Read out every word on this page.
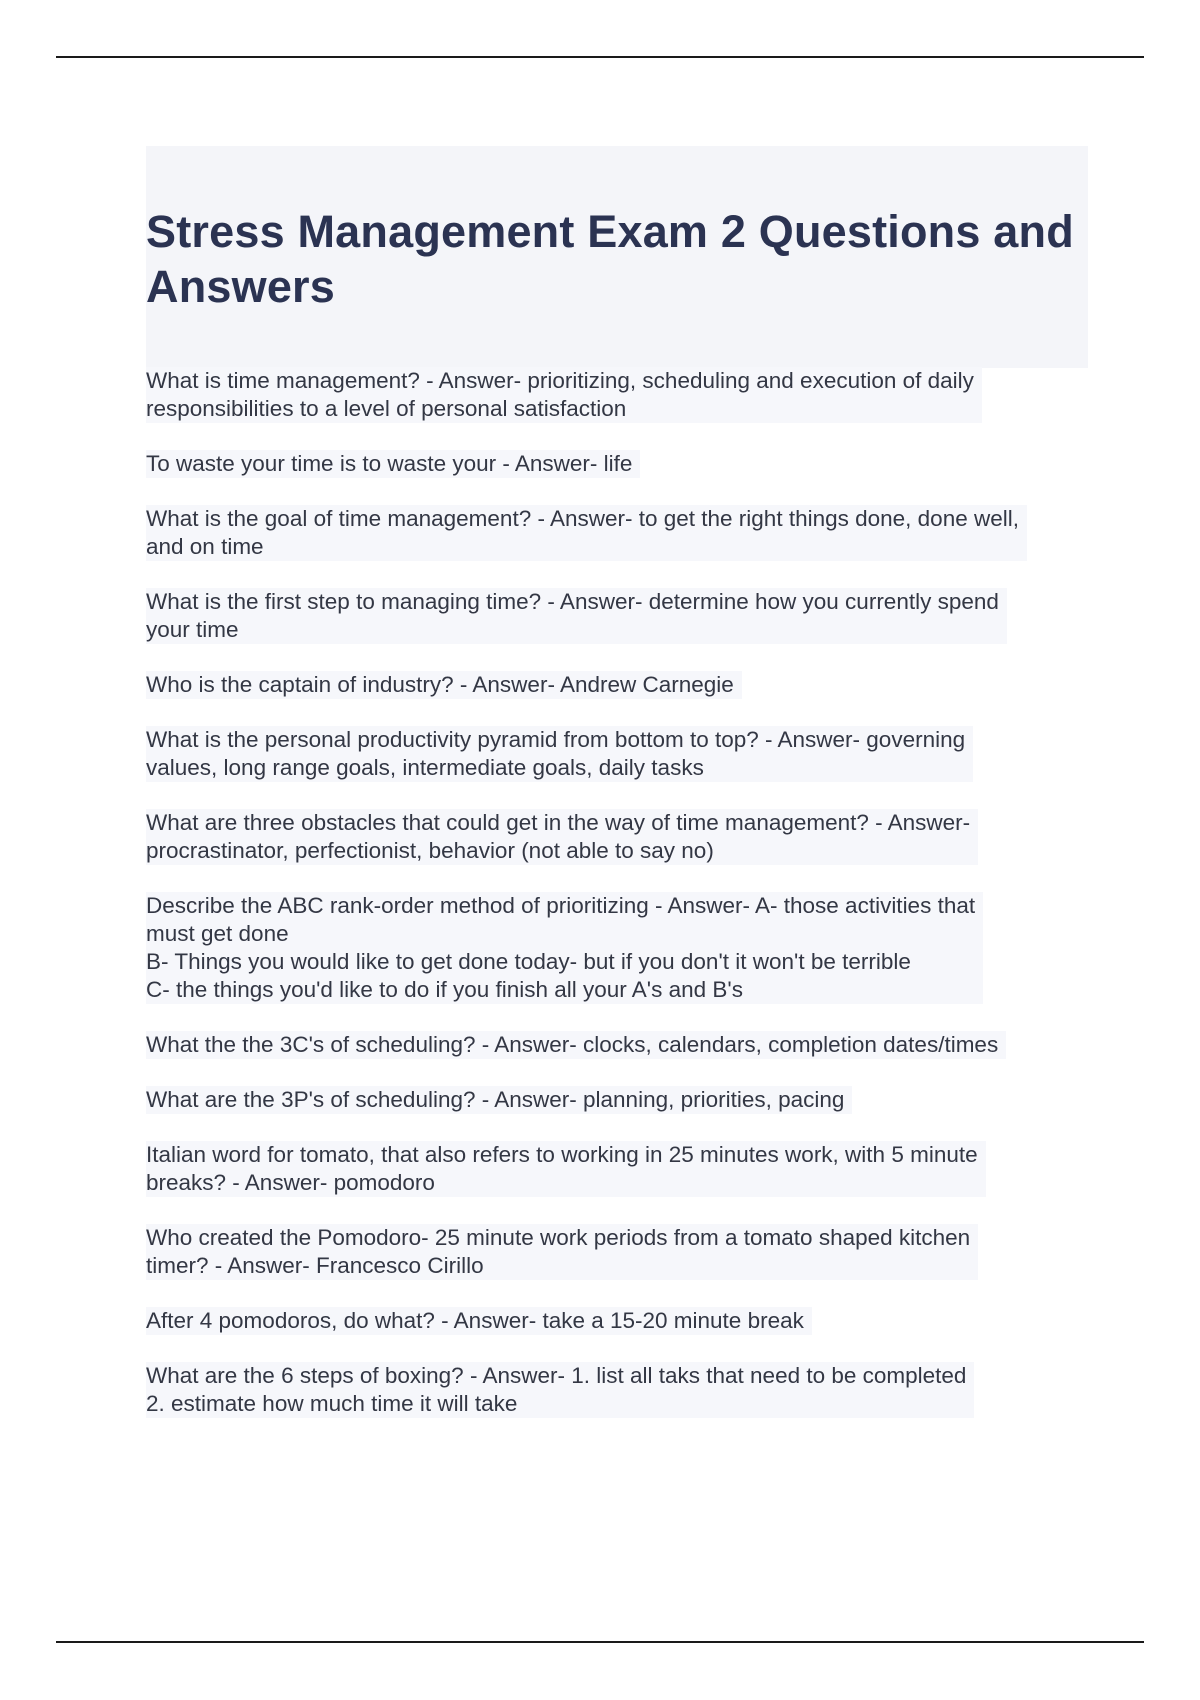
Stress Management Exam 2 Questions and Answers
What is time management? - Answer- prioritizing, scheduling and execution of daily
responsibilities to a level of personal satisfaction
To waste your time is to waste your - Answer- life
What is the goal of time management? - Answer- to get the right things done, done well,
and on time
What is the first step to managing time? - Answer- determine how you currently spend
your time
Who is the captain of industry? - Answer- Andrew Carnegie
What is the personal productivity pyramid from bottom to top? - Answer- governing
values, long range goals, intermediate goals, daily tasks
What are three obstacles that could get in the way of time management? - Answer-
procrastinator, perfectionist, behavior (not able to say no)
Describe the ABC rank-order method of prioritizing - Answer- A- those activities that
must get done
B- Things you would like to get done today- but if you don't it won't be terrible
C- the things you'd like to do if you finish all your A's and B's
What the the 3C's of scheduling? - Answer- clocks, calendars, completion dates/times
What are the 3P's of scheduling? - Answer- planning, priorities, pacing
Italian word for tomato, that also refers to working in 25 minutes work, with 5 minute
breaks? - Answer- pomodoro
Who created the Pomodoro- 25 minute work periods from a tomato shaped kitchen
timer? - Answer- Francesco Cirillo
After 4 pomodoros, do what? - Answer- take a 15-20 minute break
What are the 6 steps of boxing? - Answer- 1. list all taks that need to be completed
2. estimate how much time it will take
